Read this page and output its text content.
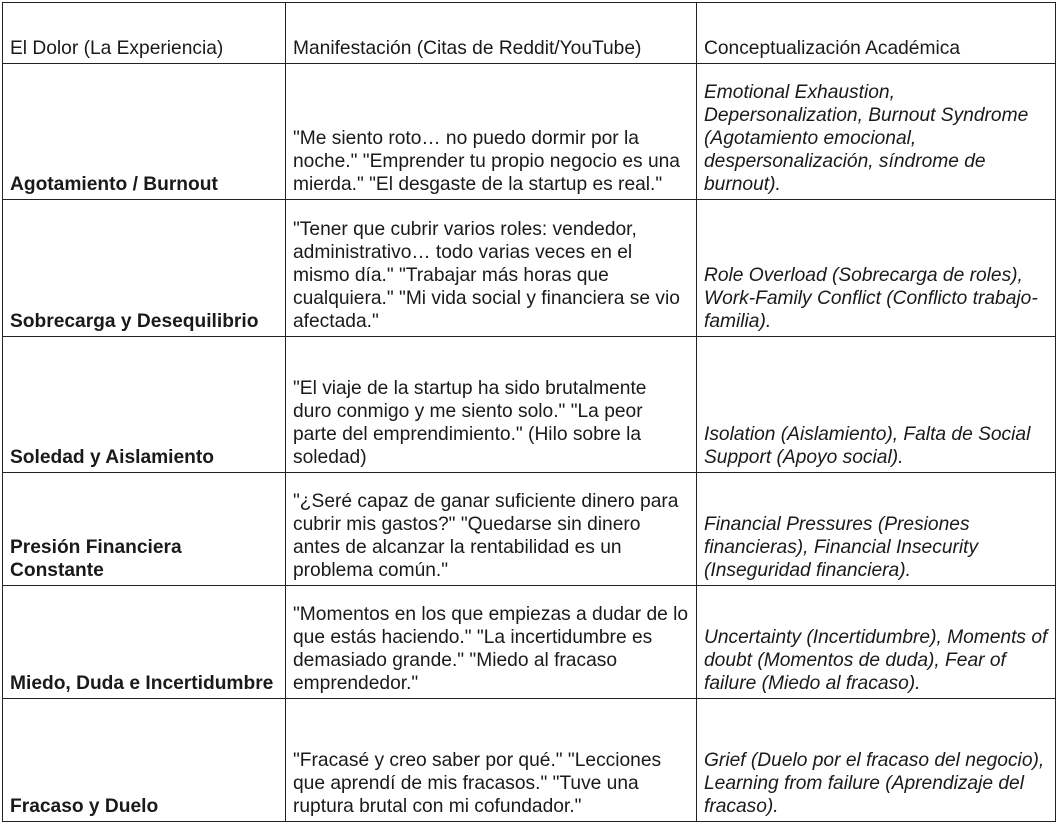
El Dolor (La Experiencia)	Manifestación (Citas de Reddit/YouTube)	Conceptualización Académica
Agotamiento / Burnout	"Me siento roto… no puedo dormir por la noche." "Emprender tu propio negocio es una mierda." "El desgaste de la startup es real."	Emotional Exhaustion, Depersonalization, Burnout Syndrome (Agotamiento emocional, despersonalización, síndrome de burnout).
Sobrecarga y Desequilibrio	"Tener que cubrir varios roles: vendedor, administrativo… todo varias veces en el mismo día." "Trabajar más horas que cualquiera." "Mi vida social y financiera se vio afectada."	Role Overload (Sobrecarga de roles), Work-Family Conflict (Conflicto trabajo-familia).
Soledad y Aislamiento	"El viaje de la startup ha sido brutalmente duro conmigo y me siento solo." "La peor parte del emprendimiento." (Hilo sobre la soledad)	Isolation (Aislamiento), Falta de Social Support (Apoyo social).
Presión Financiera Constante	"¿Seré capaz de ganar suficiente dinero para cubrir mis gastos?" "Quedarse sin dinero antes de alcanzar la rentabilidad es un problema común."	Financial Pressures (Presiones financieras), Financial Insecurity (Inseguridad financiera).
Miedo, Duda e Incertidumbre	"Momentos en los que empiezas a dudar de lo que estás haciendo." "La incertidumbre es demasiado grande." "Miedo al fracaso emprendedor."	Uncertainty (Incertidumbre), Moments of doubt (Momentos de duda), Fear of failure (Miedo al fracaso).
Fracaso y Duelo	"Fracasé y creo saber por qué." "Lecciones que aprendí de mis fracasos." "Tuve una ruptura brutal con mi cofundador."	Grief (Duelo por el fracaso del negocio), Learning from failure (Aprendizaje del fracaso).
